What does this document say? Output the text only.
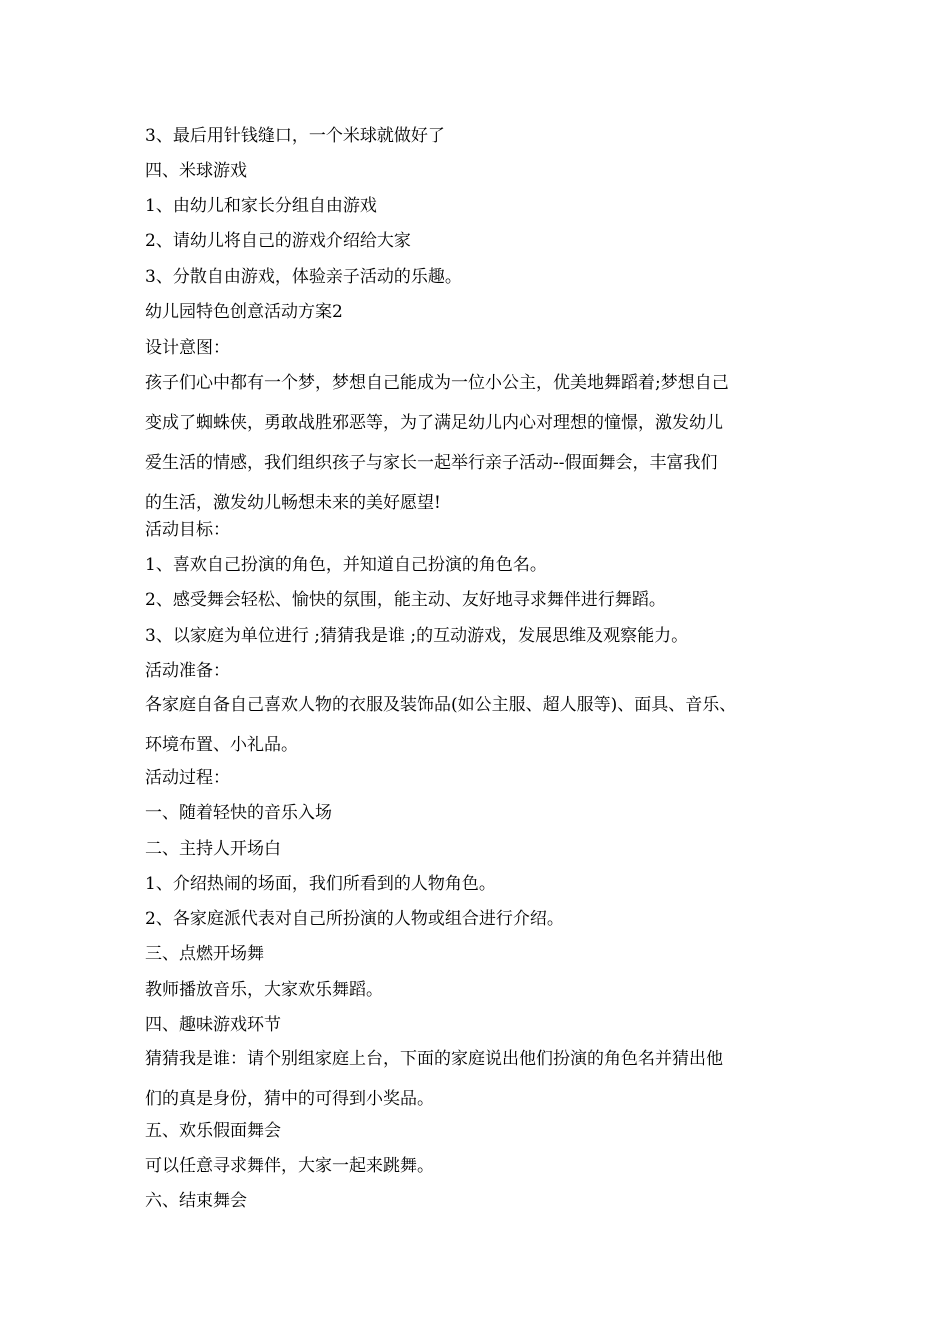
3、最后用针钱缝口，一个米球就做好了
四、米球游戏
1、由幼儿和家长分组自由游戏
2、请幼儿将自己的游戏介绍给大家
3、分散自由游戏，体验亲子活动的乐趣。
幼儿园特色创意活动方案2
设计意图：
孩子们心中都有一个梦，梦想自己能成为一位小公主，优美地舞蹈着;梦想自己
变成了蜘蛛侠，勇敢战胜邪恶等，为了满足幼儿内心对理想的憧憬，激发幼儿
爱生活的情感，我们组织孩子与家长一起举行亲子活动--假面舞会，丰富我们
的生活，激发幼儿畅想未来的美好愿望!
活动目标：
1、喜欢自己扮演的角色，并知道自己扮演的角色名。
2、感受舞会轻松、愉快的氛围，能主动、友好地寻求舞伴进行舞蹈。
3、以家庭为单位进行 ;猜猜我是谁 ;的互动游戏，发展思维及观察能力。
活动准备：
各家庭自备自己喜欢人物的衣服及装饰品(如公主服、超人服等)、面具、音乐、
环境布置、小礼品。
活动过程：
一、随着轻快的音乐入场
二、主持人开场白
1、介绍热闹的场面，我们所看到的人物角色。
2、各家庭派代表对自己所扮演的人物或组合进行介绍。
三、点燃开场舞
教师播放音乐，大家欢乐舞蹈。
四、趣味游戏环节
猜猜我是谁：请个别组家庭上台，下面的家庭说出他们扮演的角色名并猜出他
们的真是身份，猜中的可得到小奖品。
五、欢乐假面舞会
可以任意寻求舞伴，大家一起来跳舞。
六、结束舞会
